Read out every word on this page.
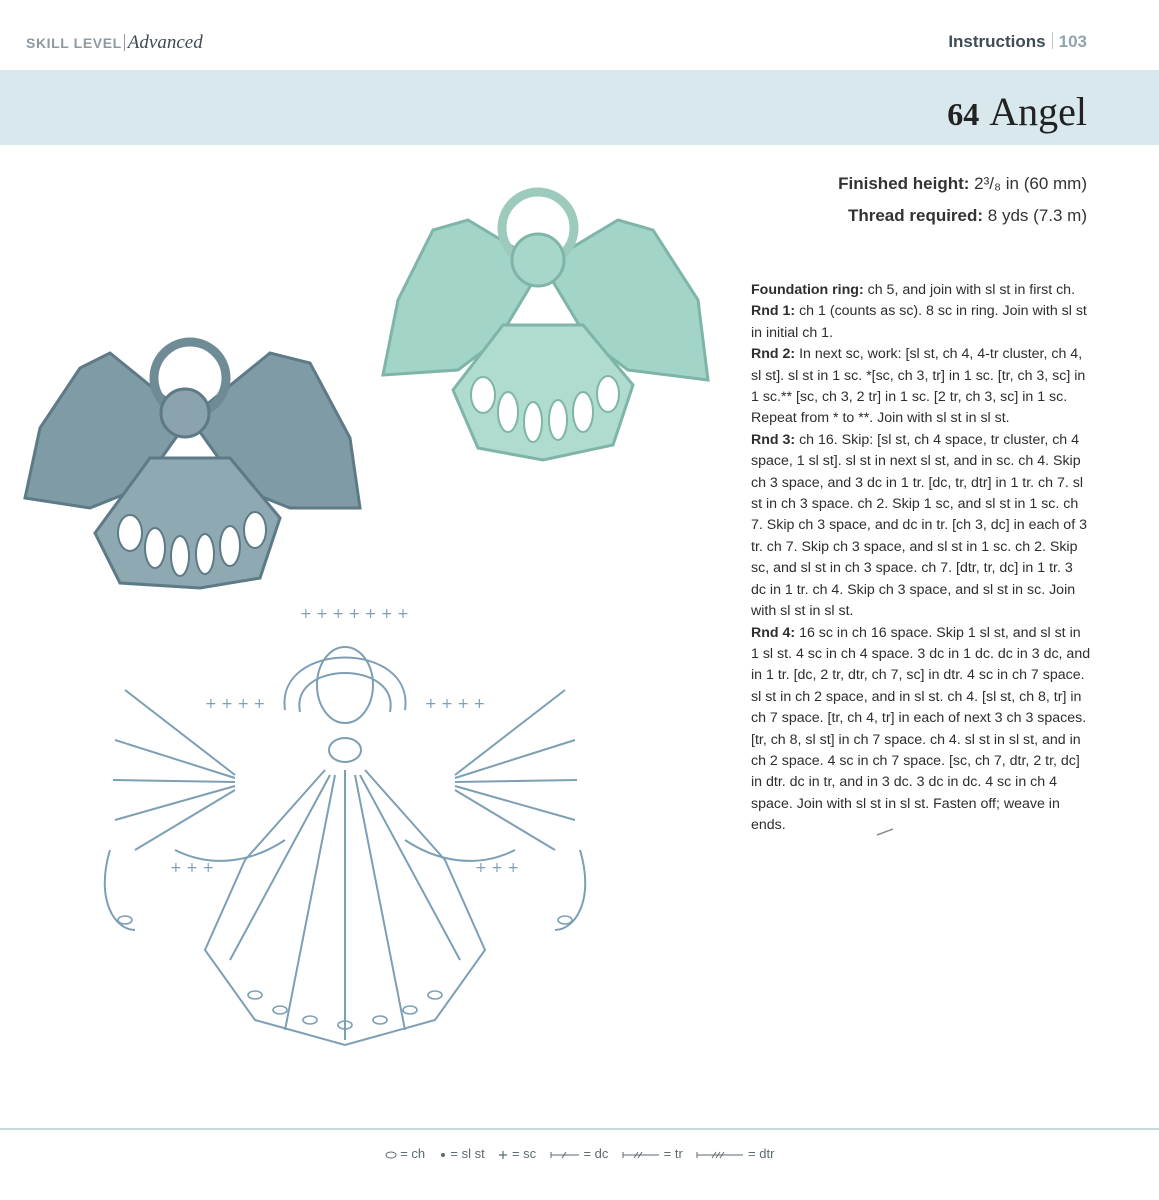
SKILL LEVEL Advanced	Instructions 103
64 Angel
Finished height: 2³/₈ in (60 mm)
Thread required: 8 yds (7.3 m)
+ + + + + + +
+ + + +	+ + + +
+ + +	+ + +

Foundation ring: ch 5, and join with sl st in first ch.

Rnd 1: ch 1 (counts as sc). 8 sc in ring. Join with sl st in initial ch 1.

Rnd 2: In next sc, work: [sl st, ch 4, 4-tr cluster, ch 4, sl st]. sl st in 1 sc. *[sc, ch 3, tr] in 1 sc. [tr, ch 3, sc] in 1 sc.** [sc, ch 3, 2 tr] in 1 sc. [2 tr, ch 3, sc] in 1 sc. Repeat from * to **. Join with sl st in sl st.

Rnd 3: ch 16. Skip: [sl st, ch 4 space, tr cluster, ch 4 space, 1 sl st]. sl st in next sl st, and in sc. ch 4. Skip ch 3 space, and 3 dc in 1 tr. [dc, tr, dtr] in 1 tr. ch 7. sl st in ch 3 space. ch 2. Skip 1 sc, and sl st in 1 sc. ch 7. Skip ch 3 space, and dc in tr. [ch 3, dc] in each of 3 tr. ch 7. Skip ch 3 space, and sl st in 1 sc. ch 2. Skip sc, and sl st in ch 3 space. ch 7. [dtr, tr, dc] in 1 tr. 3 dc in 1 tr. ch 4. Skip ch 3 space, and sl st in sc. Join with sl st in sl st.

Rnd 4: 16 sc in ch 16 space. Skip 1 sl st, and sl st in 1 sl st. 4 sc in ch 4 space. 3 dc in 1 dc. dc in 3 dc, and in 1 tr. [dc, 2 tr, dtr, ch 7, sc] in dtr. 4 sc in ch 7 space. sl st in ch 2 space, and in sl st. ch 4. [sl st, ch 8, tr] in ch 7 space. [tr, ch 4, tr] in each of next 3 ch 3 spaces. [tr, ch 8, sl st] in ch 7 space. ch 4. sl st in sl st, and in ch 2 space. 4 sc in ch 7 space. [sc, ch 7, dtr, 2 tr, dc] in dtr. dc in tr, and in 3 dc. 3 dc in dc. 4 sc in ch 4 space. Join with sl st in sl st. Fasten off; weave in ends.

= ch = sl st = sc	= dc	= tr	= dtr
